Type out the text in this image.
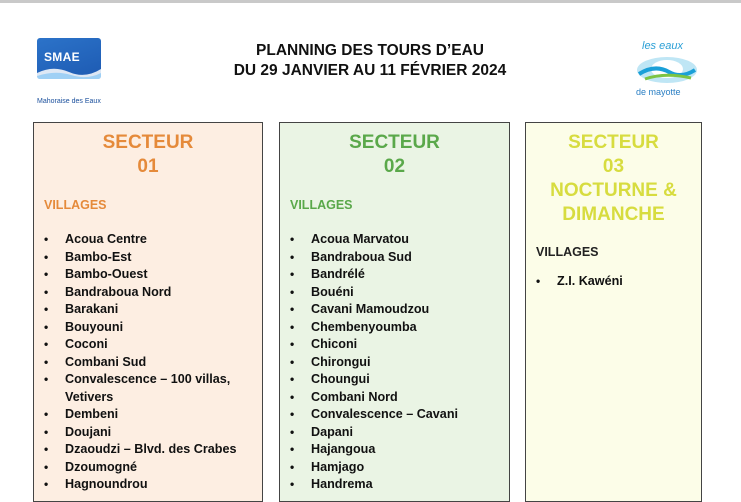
SMAE
Mahoraise des Eaux
PLANNING DES TOURS D’EAU
DU 29 JANVIER AU 11 FÉVRIER 2024
les eaux
de mayotte
SECTEUR
01
VILLAGES
• Acoua Centre
• Bambo-Est
• Bambo-Ouest
• Bandraboua Nord
• Barakani
• Bouyouni
• Coconi
• Combani Sud
• Convalescence – 100 villas, Vetivers
• Dembeni
• Doujani
• Dzaoudzi – Blvd. des Crabes
• Dzoumogné
• Hagnoundrou
SECTEUR
02
VILLAGES
• Acoua Marvatou
• Bandraboua Sud
• Bandrélé
• Bouéni
• Cavani Mamoudzou
• Chembenyoumba
• Chiconi
• Chirongui
• Choungui
• Combani Nord
• Convalescence – Cavani
• Dapani
• Hajangoua
• Hamjago
• Handrema
SECTEUR
03
NOCTURNE &
DIMANCHE
VILLAGES
• Z.I. Kawéni
